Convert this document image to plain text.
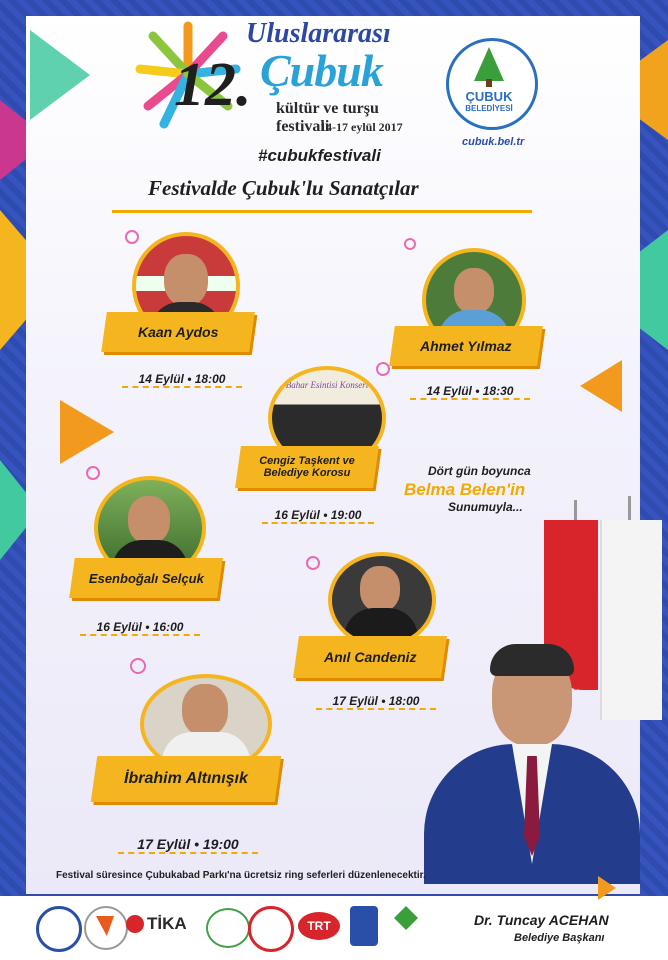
12.
Uluslararası
Çubuk
kültür ve turşu festivali
14-17 eylül 2017
ÇUBUK
BELEDİYESİ
cubuk.bel.tr
#cubukfestivali
Festivalde Çubuk'lu Sanatçılar
Kaan Aydos
14 Eylül • 18:00
Ahmet Yılmaz
14 Eylül • 18:30
Bahar Esintisi Konseri
Cengiz Taşkent ve Belediye Korosu
16 Eylül • 19:00
Dört gün boyunca
Belma Belen'in
Sunumuyla...
Esenboğalı Selçuk
16 Eylül • 16:00
Anıl Candeniz
17 Eylül • 18:00
İbrahim Altınışık
17 Eylül • 19:00
Festival süresince Çubukabad Parkı'na ücretsiz ring seferleri düzenlenecektir.
TİKA	TRT	Dr. Tuncay ACEHAN
Belediye Başkanı
